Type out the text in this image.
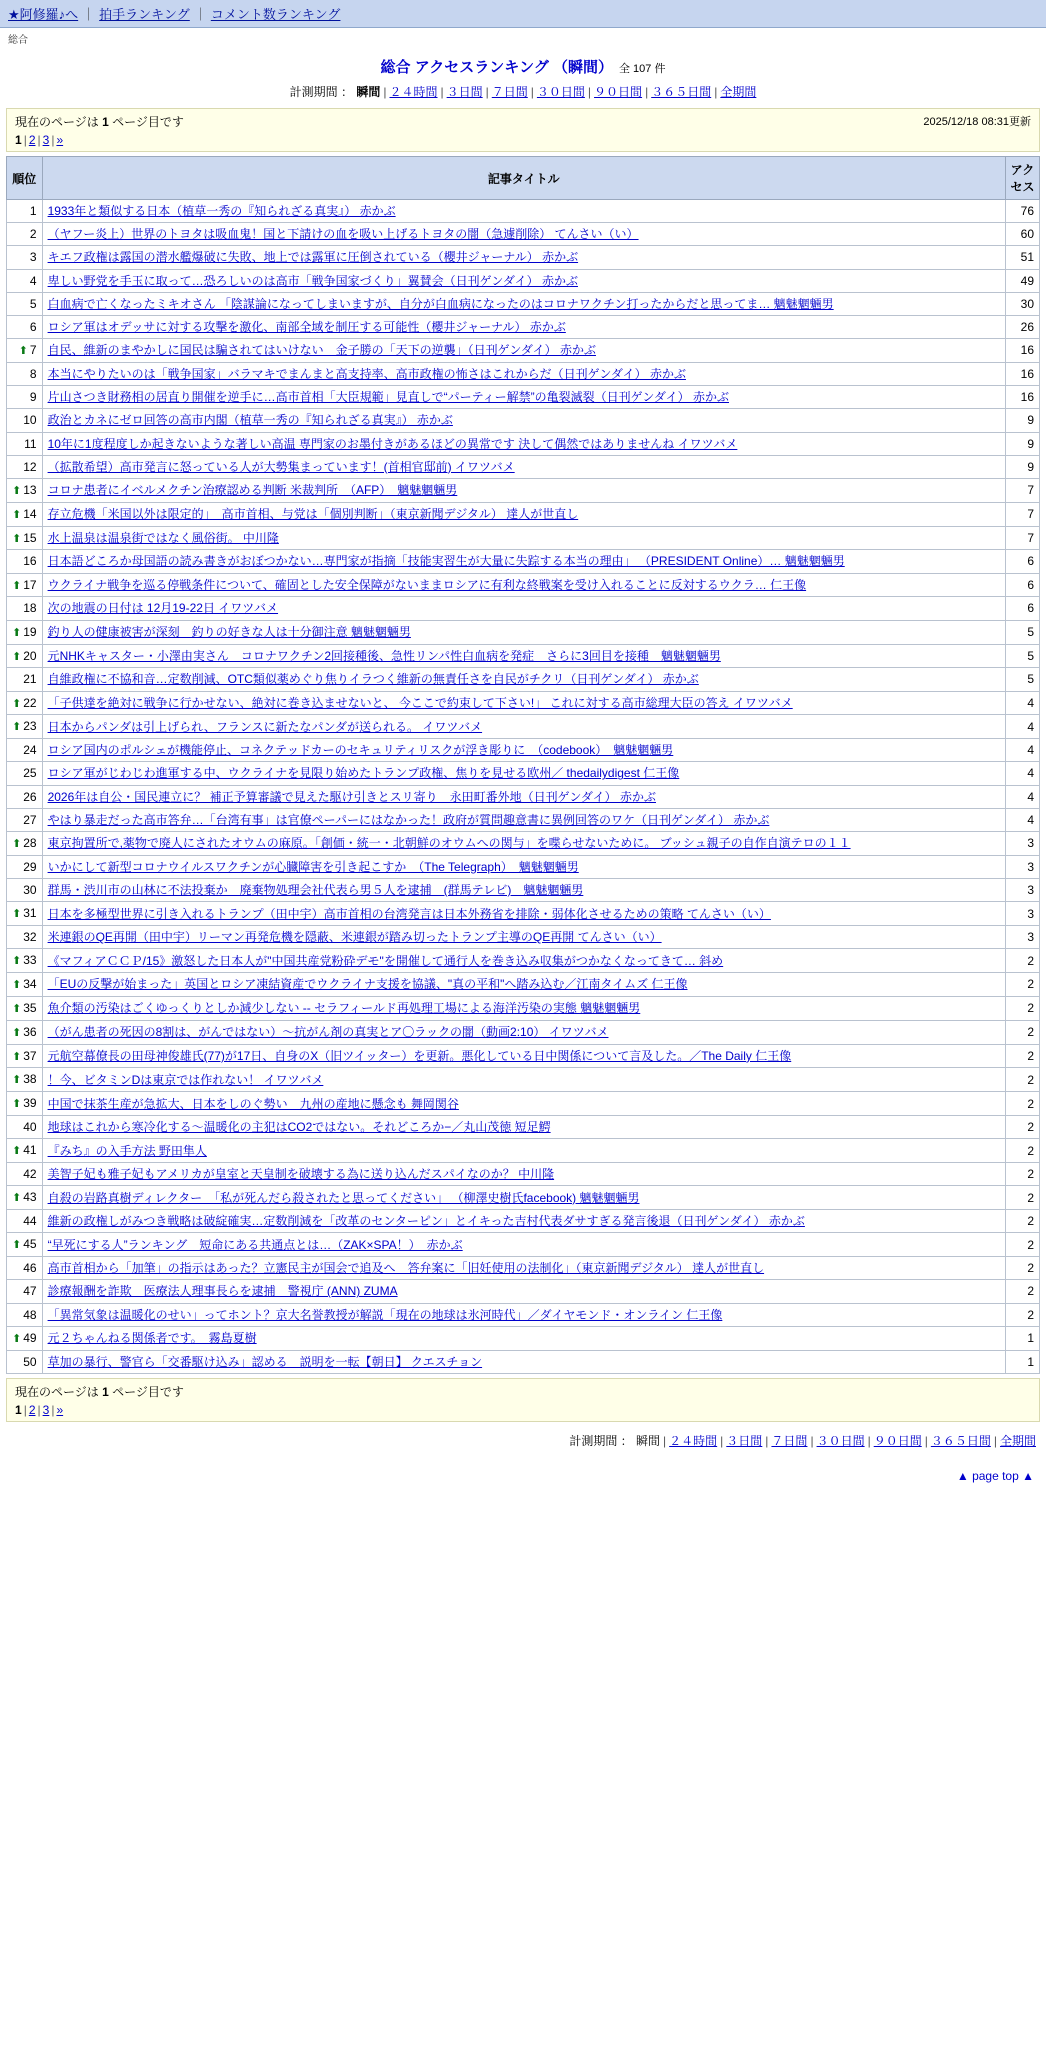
★阿修羅♪へ ｜ 拍手ランキング ｜ コメント数ランキング
総合
総合 アクセスランキング （瞬間） 全 107 件
計測期間 ： 瞬間 | ２４時間 | ３日間 | ７日間 | ３０日間 | ９０日間 | ３６５日間 | 全期間
2025/12/18 08:31更新
現在のページは 1 ページ目です
1 | 2 | 3 | »
順位	記事タイトル	アクセス
1	1933年と類似する日本（植草一秀の『知られざる真実』） 赤かぶ	76
2	（ヤフー炎上）世界のトヨタは吸血鬼！国と下請けの血を吸い上げるトヨタの闇（急遽削除） てんさい（い）	60
3	キエフ政権は露国の潜水艦爆破に失敗、地上では露軍に圧倒されている（櫻井ジャーナル） 赤かぶ	51
4	卑しい野党を手玉に取って…恐ろしいのは高市「戦争国家づくり」翼賛会（日刊ゲンダイ） 赤かぶ	49
5	白血病で亡くなったミキオさん 「陰謀論になってしまいますが、自分が白血病になったのはコロナワクチン打ったからだと思ってま… 魑魅魍魎男	30
6	ロシア軍はオデッサに対する攻撃を激化、南部全域を制圧する可能性（櫻井ジャーナル） 赤かぶ	26
⬆ 7	自民、維新のまやかしに国民は騙されてはいけない　金子勝の「天下の逆襲」（日刊ゲンダイ） 赤かぶ	16
8	本当にやりたいのは「戦争国家」バラマキでまんまと高支持率、高市政権の怖さはこれからだ（日刊ゲンダイ） 赤かぶ	16
9	片山さつき財務相の居直り開催を逆手に…高市首相「大臣規範」見直しで“パーティー解禁”の亀裂滅裂（日刊ゲンダイ） 赤かぶ	16
10	政治とカネにゼロ回答の高市内閣（植草一秀の『知られざる真実』） 赤かぶ	9
11	10年に1度程度しか起きないような著しい高温 専門家のお墨付きがあるほどの異常です 決して偶然ではありませんね イワツバメ	9
12	（拡散希望）高市発言に怒っている人が大勢集まっています！(首相官邸前) イワツバメ	9
⬆ 13	コロナ患者にイベルメクチン治療認める判断 米裁判所　（AFP）　魑魅魍魎男	7
⬆ 14	存立危機「米国以外は限定的」　高市首相、与党は「個別判断」（東京新聞デジタル） 達人が世直し	7
⬆ 15	水上温泉は温泉街ではなく風俗街。 中川隆	7
16	日本語どころか母国語の読み書きがおぼつかない…専門家が指摘「技能実習生が大量に失踪する本当の理由」 （PRESIDENT Online）… 魑魅魍魎男	6
⬆ 17	ウクライナ戦争を巡る停戦条件について、確固とした安全保障がないままロシアに有利な終戦案を受け入れることに反対するウクラ… 仁王像	6
18	次の地震の日付は 12月19-22日 イワツバメ	6
⬆ 19	釣り人の健康被害が深刻　釣りの好きな人は十分御注意 魑魅魍魎男	5
⬆ 20	元NHKキャスター・小澤由実さん　コロナワクチン2回接種後、急性リンパ性白血病を発症　さらに3回目を接種　魑魅魍魎男	5
21	自維政権に不協和音…定数削減、OTC類似薬めぐり焦りイラつく維新の無責任さを自民がチクリ（日刊ゲンダイ） 赤かぶ	5
⬆ 22	「子供達を絶対に戦争に行かせない、絶対に巻き込ませないと、 今ここで約束して下さい!」 これに対する高市総理大臣の答え イワツバメ	4
⬆ 23	日本からパンダは引上げられ、フランスに新たなパンダが送られる。 イワツバメ	4
24	ロシア国内のポルシェが機能停止、コネクテッドカーのセキュリティリスクが浮き彫りに　（codebook）　魑魅魍魎男	4
25	ロシア軍がじわじわ進軍する中、ウクライナを見限り始めたトランプ政権、焦りを見せる欧州／ thedailydigest 仁王像	4
26	2026年は自公・国民連立に？ 補正予算審議で見えた駆け引きとスリ寄り　永田町番外地（日刊ゲンダイ） 赤かぶ	4
27	やはり暴走だった高市答弁…「台湾有事」は官僚ペーパーにはなかった！政府が質問趣意書に異例回答のワケ（日刊ゲンダイ） 赤かぶ	4
⬆ 28	東京拘置所で,薬物で廃人にされたオウムの麻原。「創価・統一・北朝鮮のオウムへの関与」を喋らせないために。 ブッシュ親子の自作自演テロの１１	3
29	いかにして新型コロナウイルスワクチンが心臓障害を引き起こすか　（The Telegraph）　魑魅魍魎男	3
30	群馬・渋川市の山林に不法投棄か　廃棄物処理会社代表ら男５人を逮捕　(群馬テレビ)　魑魅魍魎男	3
⬆ 31	日本を多極型世界に引き入れるトランプ（田中宇）高市首相の台湾発言は日本外務省を排除・弱体化させるための策略 てんさい（い）	3
32	米連銀のQE再開（田中宇）リーマン再発危機を隠蔽、米連銀が踏み切ったトランプ主導のQE再開 てんさい（い）	3
⬆ 33	《マフィアＣＣＰ/15》激怒した日本人が"中国共産党粉砕デモ"を開催して通行人を巻き込み収集がつかなくなってきて… 斜め	2
⬆ 34	「EUの反撃が始まった」英国とロシア凍結資産でウクライナ支援を協議、"真の平和"へ踏み込む／江南タイムズ 仁王像	2
⬆ 35	魚介類の汚染はごくゆっくりとしか減少しない -- セラフィールド再処理工場による海洋汚染の実態 魑魅魍魎男	2
⬆ 36	（がん患者の死因の8割は、がんではない）〜抗がん剤の真実とア〇ラックの闇（動画2:10） イワツバメ	2
⬆ 37	元航空幕僚長の田母神俊雄氏(77)が17日、自身のX（旧ツイッター）を更新。悪化している日中関係について言及した。／The Daily 仁王像	2
⬆ 38	！今、ビタミンDは東京では作れない！ イワツバメ	2
⬆ 39	中国で抹茶生産が急拡大、日本をしのぐ勢い　九州の産地に懸念も 舞岡関谷	2
40	地球はこれから寒冷化する〜温暖化の主犯はCO2ではない。それどころか−／丸山茂徳 短足鰐	2
⬆ 41	『みち』の入手方法 野田隼人	2
42	美智子妃も雅子妃もアメリカが皇室と天皇制を破壊する為に送り込んだスパイなのか？ 中川隆	2
⬆ 43	自殺の岩路真樹ディレクター　「私が死んだら殺されたと思ってください」 （柳澤史樹氏facebook) 魑魅魍魎男	2
44	維新の政権しがみつき戦略は破綻確実…定数削減を「改革のセンターピン」とイキった吉村代表ダサすぎる発言後退（日刊ゲンダイ） 赤かぶ	2
⬆ 45	“早死にする人”ランキング　短命にある共通点とは…（ZAK×SPA！）　赤かぶ	2
46	高市首相から「加筆」の指示はあった？立憲民主が国会で追及へ　答弁案に「旧妊使用の法制化」（東京新聞デジタル） 達人が世直し	2
47	診療報酬を詐欺　医療法人理事長らを逮捕　警視庁 (ANN) ZUMA	2
48	「異常気象は温暖化のせい」ってホント？京大名誉教授が解説「現在の地球は氷河時代」／ダイヤモンド・オンライン 仁王像	2
⬆ 49	元２ちゃんねる関係者です。　霧島夏樹	1
50	草加の暴行、警官ら「交番駆け込み」認める　説明を一転【朝日】 クエスチョン	1
現在のページは 1 ページ目です
1 | 2 | 3 | »
計測期間 ： 瞬間 | ２４時間 | ３日間 | ７日間 | ３０日間 | ９０日間 | ３６５日間 | 全期間
▲ page top ▲
